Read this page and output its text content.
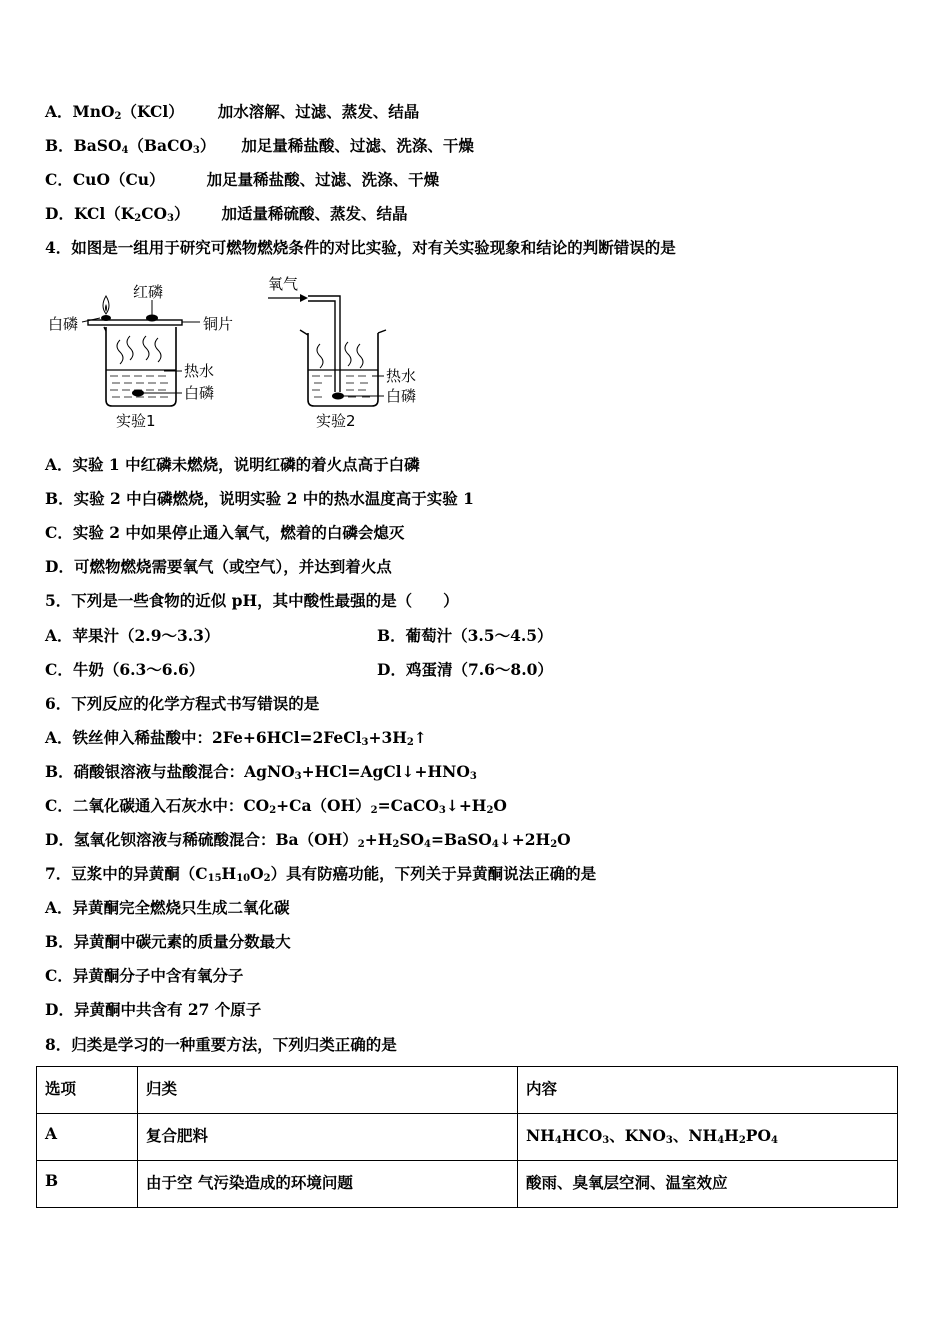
A．MnO$_2$（KCl） 加水溶解、过滤、蒸发、结晶
B．BaSO$_4$（BaCO$_3$） 加足量稀盐酸、过滤、洗涤、干燥
C．CuO（Cu）	加足量稀盐酸、过滤、洗涤、干燥
D．$KCl(K_2CO_3)$ 加适量稀硫酸、蒸发、结晶
4．如图是一组用于研究可燃物燃烧条件的对比实验，对有关实验现象和结论的判断错误的是
红磷
白磷	铜片
热水
白磷
实验1
氧气
热水
白磷
实验2
A．实验 1 中红磷未燃烧，说明红磷的着火点高于白磷
B．实验 2 中白磷燃烧，说明实验 2 中的热水温度高于实验 1
C．实验 2 中如果停止通入氧气，燃着的白磷会熄灭
D．可燃物燃烧需要氧气（或空气），并达到着火点
5．下列是一些食物的近似 pH，其中酸性最强的是（　　）
A．苹果汁（2.9～3.3）	B．葡萄汁（3.5～4.5）
C．牛奶（6.3～6.6）	D．鸡蛋清（7.6～8.0）
6．下列反应的化学方程式书写错误的是
A．铁丝伸入稀盐酸中：$2Fe+6HCl=2FeCl_3+3H_2↑$
B．硝酸银溶液与盐酸混合：$AgNO_3+HCl=AgCl↓+HNO_3$
C．二氧化碳通入石灰水中：$CO_2+Ca(OH)_2=CaCO_3↓+H_2O$
D．氢氧化钡溶液与稀硫酸混合：$Ba(OH)_2+H_2SO_4=BaSO_4↓+2H_2O$
7．豆浆中的异黄酮$(C_{15}H_{10}O_2)$具有防癌功能，下列关于异黄酮说法正确的是
A．异黄酮完全燃烧只生成二氧化碳
B．异黄酮中碳元素的质量分数最大
C．异黄酮分子中含有氧分子
D．异黄酮中共含有 27 个原子
8．归类是学习的一种重要方法，下列归类正确的是
选项	归类	内容
A	复合肥料	$NH_4HCO_3$、$KNO_3$、$NH_4H_2PO_4$
B	由于空 气污染造成的环境问题	酸雨、臭氧层空洞、温室效应
